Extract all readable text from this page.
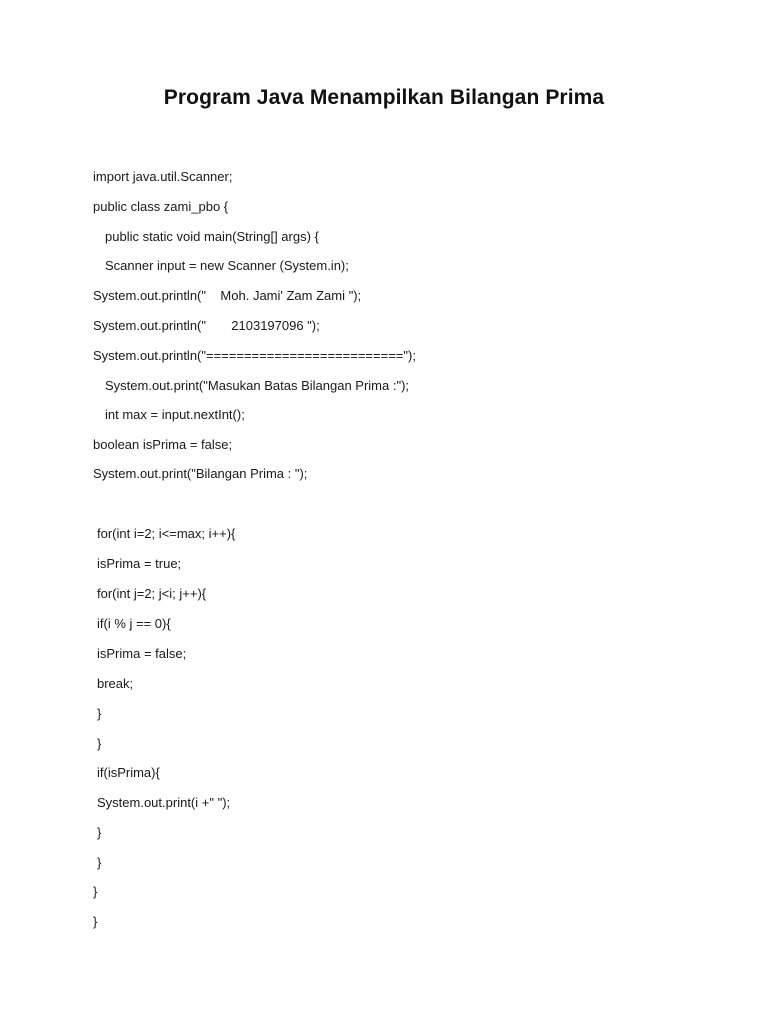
Program Java Menampilkan Bilangan Prima
import java.util.Scanner;
public class zami_pbo {
public static void main(String[] args) {
Scanner input = new Scanner (System.in);
System.out.println("    Moh. Jami' Zam Zami ");
System.out.println("       2103197096 ");
System.out.println("==========================");
System.out.print("Masukan Batas Bilangan Prima :");
int max = input.nextInt();
boolean isPrima = false;
System.out.print("Bilangan Prima : ");
for(int i=2; i<=max; i++){
isPrima = true;
for(int j=2; j<i; j++){
if(i % j == 0){
isPrima = false;
break;
}
}
if(isPrima){
System.out.print(i +" ");
}
}
}
}
